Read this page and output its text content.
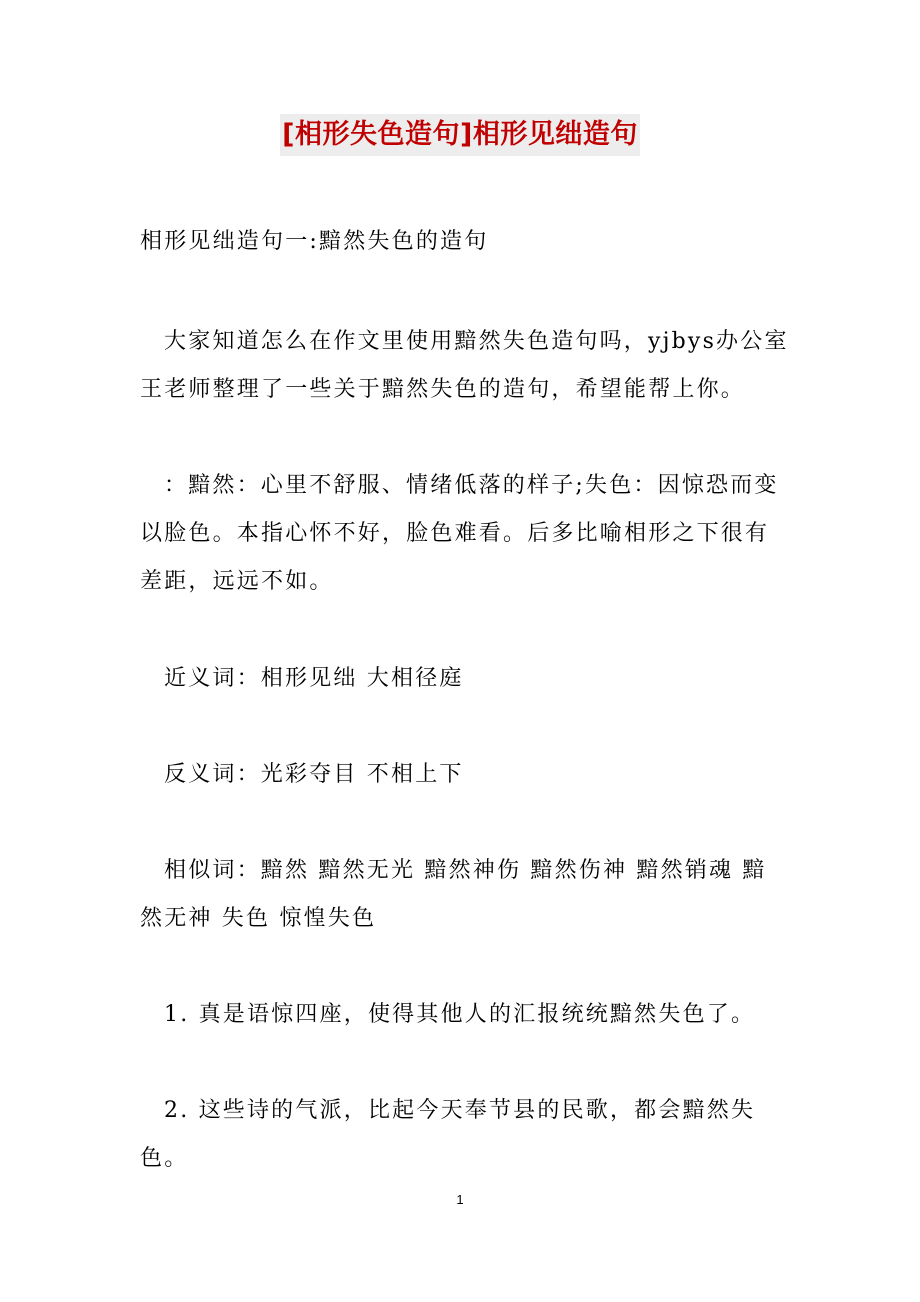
[相形失色造句]相形见绌造句

相形见绌造句一:黯然失色的造句

大家知道怎么在作文里使用黯然失色造句吗，yjbys办公室王老师整理了一些关于黯然失色的造句，希望能帮上你。

：黯然：心里不舒服、情绪低落的样子;失色：因惊恐而变以脸色。本指心怀不好，脸色难看。后多比喻相形之下很有差距，远远不如。

近义词：相形见绌 大相径庭

反义词：光彩夺目 不相上下

相似词：黯然 黯然无光 黯然神伤 黯然伤神 黯然销魂 黯然无神 失色 惊惶失色

1. 真是语惊四座，使得其他人的汇报统统黯然失色了。

2. 这些诗的气派，比起今天奉节县的民歌，都会黯然失色。

1
